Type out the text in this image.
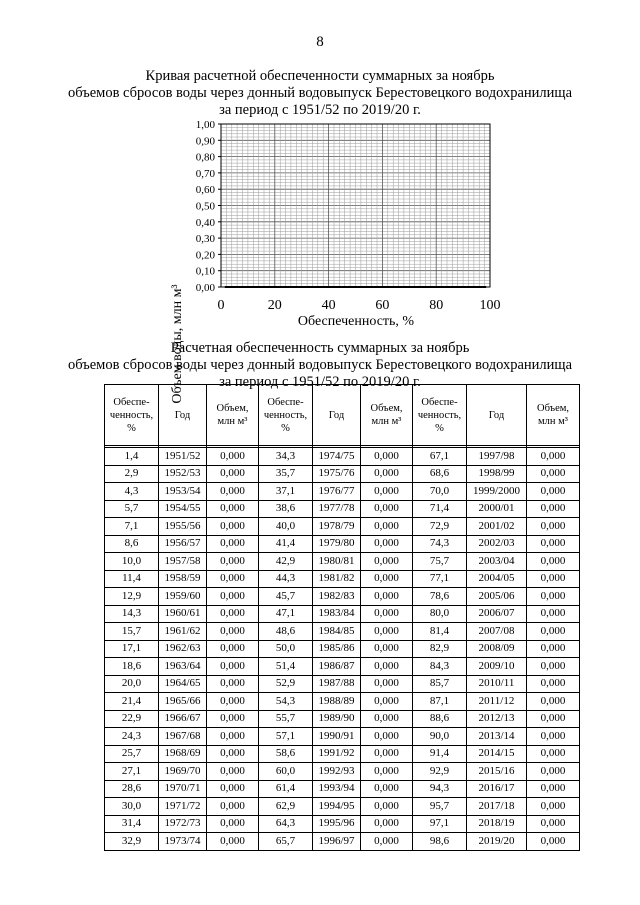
8
Кривая расчетной обеспеченности суммарных за ноябрь
объемов сбросов воды через донный водовыпуск Берестовецкого водохранилища
за период с 1951/52 по 2019/20 г.
0,00
0,10
0,20
0,30
0,40
0,50
0,60
0,70
0,80
0,90
1,00
0	20	40	60	80	100
Объем воды, млн м³	Обеспеченность, %
Расчетная обеспеченность суммарных за ноябрь
объемов сбросов воды через донный водовыпуск Берестовецкого водохранилища
за период с 1951/52 по 2019/20 г.
Обеспе-
ченность,
%	Год	Объем,
млн м³	Обеспе-
ченность,
%	Год	Объем,
млн м³	Обеспе-
ченность,
%	Год	Объем,
млн м³

1,4	1951/52	0,000	34,3	1974/75	0,000	67,1	1997/98	0,000
2,9	1952/53	0,000	35,7	1975/76	0,000	68,6	1998/99	0,000
4,3	1953/54	0,000	37,1	1976/77	0,000	70,0	1999/2000	0,000
5,7	1954/55	0,000	38,6	1977/78	0,000	71,4	2000/01	0,000
7,1	1955/56	0,000	40,0	1978/79	0,000	72,9	2001/02	0,000
8,6	1956/57	0,000	41,4	1979/80	0,000	74,3	2002/03	0,000
10,0	1957/58	0,000	42,9	1980/81	0,000	75,7	2003/04	0,000
11,4	1958/59	0,000	44,3	1981/82	0,000	77,1	2004/05	0,000
12,9	1959/60	0,000	45,7	1982/83	0,000	78,6	2005/06	0,000
14,3	1960/61	0,000	47,1	1983/84	0,000	80,0	2006/07	0,000
15,7	1961/62	0,000	48,6	1984/85	0,000	81,4	2007/08	0,000
17,1	1962/63	0,000	50,0	1985/86	0,000	82,9	2008/09	0,000
18,6	1963/64	0,000	51,4	1986/87	0,000	84,3	2009/10	0,000
20,0	1964/65	0,000	52,9	1987/88	0,000	85,7	2010/11	0,000
21,4	1965/66	0,000	54,3	1988/89	0,000	87,1	2011/12	0,000
22,9	1966/67	0,000	55,7	1989/90	0,000	88,6	2012/13	0,000
24,3	1967/68	0,000	57,1	1990/91	0,000	90,0	2013/14	0,000
25,7	1968/69	0,000	58,6	1991/92	0,000	91,4	2014/15	0,000
27,1	1969/70	0,000	60,0	1992/93	0,000	92,9	2015/16	0,000
28,6	1970/71	0,000	61,4	1993/94	0,000	94,3	2016/17	0,000
30,0	1971/72	0,000	62,9	1994/95	0,000	95,7	2017/18	0,000
31,4	1972/73	0,000	64,3	1995/96	0,000	97,1	2018/19	0,000
32,9	1973/74	0,000	65,7	1996/97	0,000	98,6	2019/20	0,000
